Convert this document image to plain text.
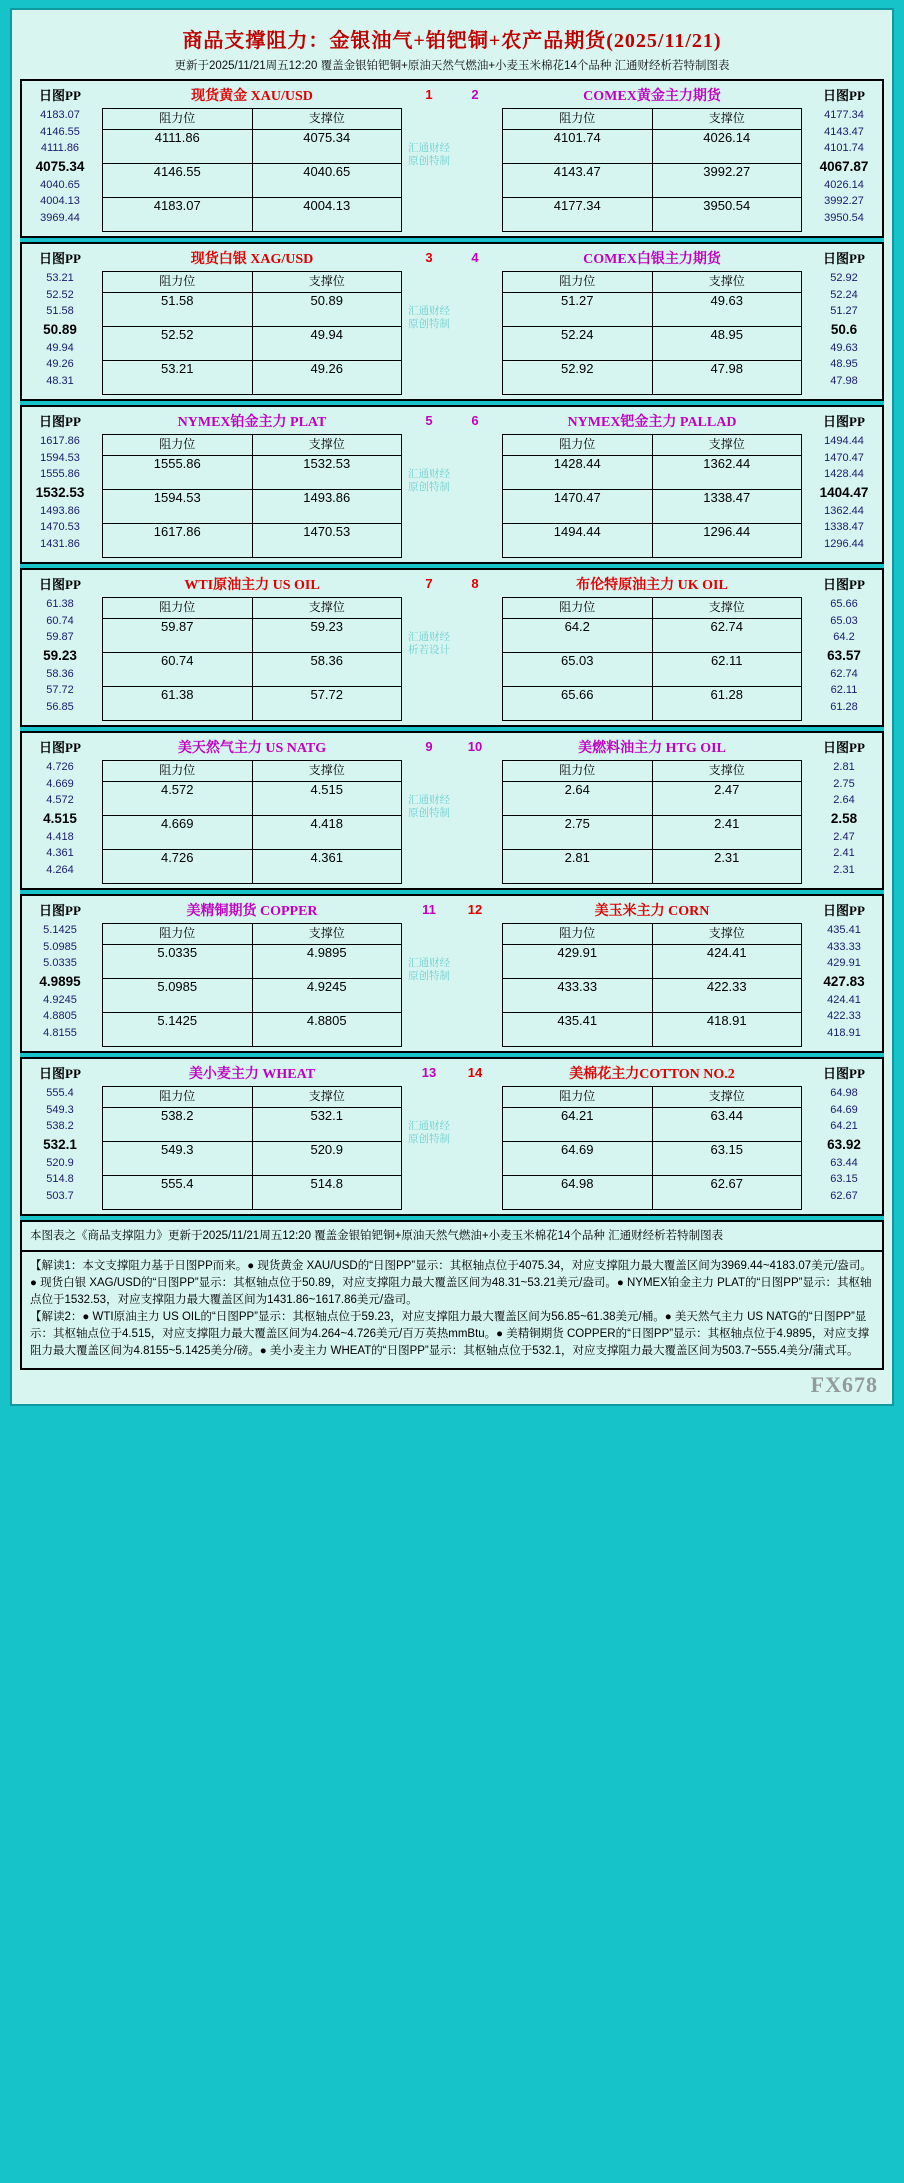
商品支撑阻力：金银油气+铂钯铜+农产品期货(2025/11/21)
更新于2025/11/21周五12:20 覆盖金银铂钯铜+原油天然气燃油+小麦玉米棉花14个品种 汇通财经析若特制图表
日图PP
4183.07
4146.55
4111.86
4075.34
4040.65
4004.13
3969.44

现货黄金 XAU/USD
阻力位	支撑位
4111.86	4075.34
4146.55	4040.65
4183.07	4004.13

1
汇通财经
原创特制

2	COMEX黄金主力期货
阻力位	支撑位
4101.74	4026.14
4143.47	3992.27
4177.34	3950.54

日图PP
4177.34
4143.47
4101.74
4067.87
4026.14
3992.27
3950.54
日图PP
53.21
52.52
51.58
50.89
49.94
49.26
48.31

现货白银 XAG/USD
阻力位	支撑位
51.58	50.89
52.52	49.94
53.21	49.26

3
汇通财经
原创特制

4	COMEX白银主力期货
阻力位	支撑位
51.27	49.63
52.24	48.95
52.92	47.98

日图PP
52.92
52.24
51.27
50.6
49.63
48.95
47.98
日图PP
1617.86
1594.53
1555.86
1532.53
1493.86
1470.53
1431.86

NYMEX铂金主力 PLAT
阻力位	支撑位
1555.86	1532.53
1594.53	1493.86
1617.86	1470.53

5
汇通财经
原创特制

6	NYMEX钯金主力 PALLAD
阻力位	支撑位
1428.44	1362.44
1470.47	1338.47
1494.44	1296.44

日图PP
1494.44
1470.47
1428.44
1404.47
1362.44
1338.47
1296.44
日图PP
61.38
60.74
59.87
59.23
58.36
57.72
56.85

WTI原油主力 US OIL
阻力位	支撑位
59.87	59.23
60.74	58.36
61.38	57.72

7
汇通财经
析若设计

8	布伦特原油主力 UK OIL
阻力位	支撑位
64.2	62.74
65.03	62.11
65.66	61.28

日图PP
65.66
65.03
64.2
63.57
62.74
62.11
61.28
日图PP
4.726
4.669
4.572
4.515
4.418
4.361
4.264

美天然气主力 US NATG
阻力位	支撑位
4.572	4.515
4.669	4.418
4.726	4.361

9
汇通财经
原创特制

10	美燃料油主力 HTG OIL
阻力位	支撑位
2.64	2.47
2.75	2.41
2.81	2.31

日图PP
2.81
2.75
2.64
2.58
2.47
2.41
2.31
日图PP
5.1425
5.0985
5.0335
4.9895
4.9245
4.8805
4.8155

美精铜期货 COPPER
阻力位	支撑位
5.0335	4.9895
5.0985	4.9245
5.1425	4.8805

11
汇通财经
原创特制

12	美玉米主力 CORN
阻力位	支撑位
429.91	424.41
433.33	422.33
435.41	418.91

日图PP
435.41
433.33
429.91
427.83
424.41
422.33
418.91
日图PP
555.4
549.3
538.2
532.1
520.9
514.8
503.7

美小麦主力 WHEAT
阻力位	支撑位
538.2	532.1
549.3	520.9
555.4	514.8

13
汇通财经
原创特制

14	美棉花主力COTTON NO.2
阻力位	支撑位
64.21	63.44
64.69	63.15
64.98	62.67

日图PP
64.98
64.69
64.21
63.92
63.44
63.15
62.67
本图表之《商品支撑阻力》更新于2025/11/21周五12:20 覆盖金银铂钯铜+原油天然气燃油+小麦玉米棉花14个品种 汇通财经析若特制图表
【解读1：本文支撑阻力基于日图PP而来。● 现货黄金 XAU/USD的“日图PP”显示：其枢轴点位于4075.34，对应支撑阻力最大覆盖区间为3969.44~4183.07美元/盎司。● 现货白银 XAG/USD的“日图PP”显示：其枢轴点位于50.89，对应支撑阻力最大覆盖区间为48.31~53.21美元/盎司。● NYMEX铂金主力 PLAT的“日图PP”显示：其枢轴点位于1532.53，对应支撑阻力最大覆盖区间为1431.86~1617.86美元/盎司。
【解读2：● WTI原油主力 US OIL的“日图PP”显示：其枢轴点位于59.23，对应支撑阻力最大覆盖区间为56.85~61.38美元/桶。● 美天然气主力 US NATG的“日图PP”显示：其枢轴点位于4.515，对应支撑阻力最大覆盖区间为4.264~4.726美元/百万英热mmBtu。● 美精铜期货 COPPER的“日图PP”显示：其枢轴点位于4.9895，对应支撑阻力最大覆盖区间为4.8155~5.1425美分/磅。● 美小麦主力 WHEAT的“日图PP”显示：其枢轴点位于532.1，对应支撑阻力最大覆盖区间为503.7~555.4美分/蒲式耳。
FX678
